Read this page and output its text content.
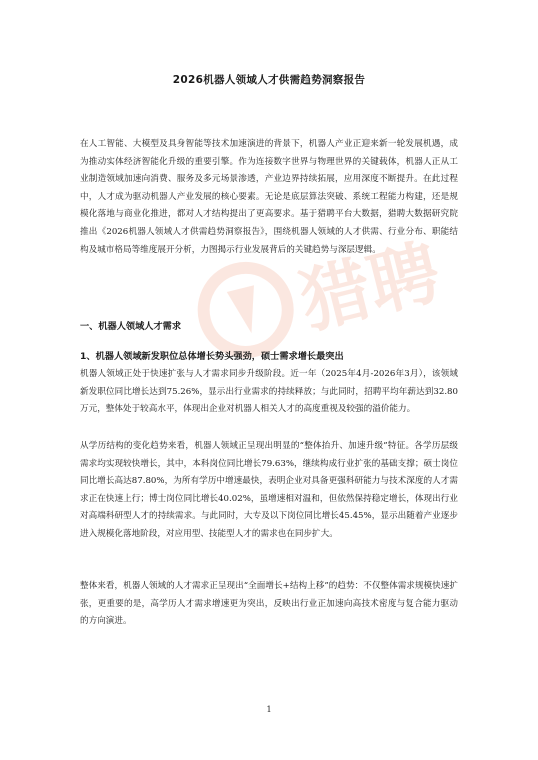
猎聘
2026机器人领域人才供需趋势洞察报告

在人工智能、大模型及具身智能等技术加速演进的背景下，机器人产业正迎来新一轮发展机遇，成为推动实体经济智能化升级的重要引擎。作为连接数字世界与物理世界的关键载体，机器人正从工业制造领域加速向消费、服务及多元场景渗透，产业边界持续拓展，应用深度不断提升。在此过程中，人才成为驱动机器人产业发展的核心要素。无论是底层算法突破、系统工程能力构建，还是规模化落地与商业化推进，都对人才结构提出了更高要求。基于猎聘平台大数据，猎聘大数据研究院推出《2026机器人领域人才供需趋势洞察报告》，围绕机器人领域的人才供需、行业分布、职能结构及城市格局等维度展开分析，力图揭示行业发展背后的关键趋势与深层逻辑。

一、机器人领域人才需求
1、机器人领域新发职位总体增长势头强劲，硕士需求增长最突出

机器人领域正处于快速扩张与人才需求同步升级阶段。近一年（2025年4月-2026年3月），该领域新发职位同比增长达到75.26%，显示出行业需求的持续释放；与此同时，招聘平均年薪达到32.80万元，整体处于较高水平，体现出企业对机器人相关人才的高度重视及较强的溢价能力。

从学历结构的变化趋势来看，机器人领域正呈现出明显的“整体抬升、加速升级”特征。各学历层级需求均实现较快增长，其中，本科岗位同比增长79.63%，继续构成行业扩张的基础支撑；硕士岗位同比增长高达87.80%，为所有学历中增速最快，表明企业对具备更强科研能力与技术深度的人才需求正在快速上行；博士岗位同比增长40.02%，虽增速相对温和，但依然保持稳定增长，体现出行业对高端科研型人才的持续需求。与此同时，大专及以下岗位同比增长45.45%，显示出随着产业逐步进入规模化落地阶段，对应用型、技能型人才的需求也在同步扩大。

整体来看，机器人领域的人才需求正呈现出“全面增长+结构上移”的趋势：不仅整体需求规模快速扩张，更重要的是，高学历人才需求增速更为突出，反映出行业正加速向高技术密度与复合能力驱动的方向演进。

1
